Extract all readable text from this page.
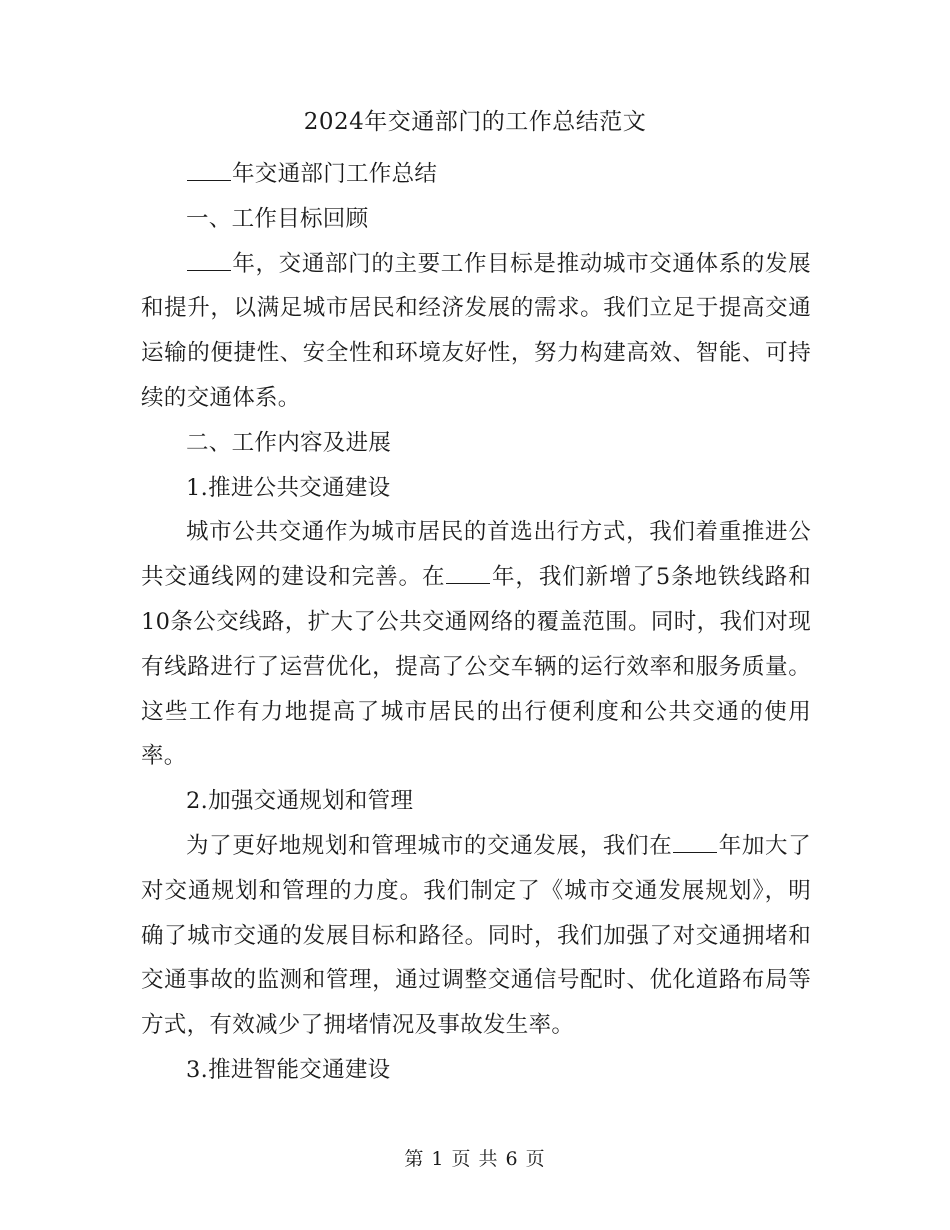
2024年交通部门的工作总结范文

年交通部门工作总结

一、工作目标回顾

年，交通部门的主要工作目标是推动城市交通体系的发展和提升，以满足城市居民和经济发展的需求。我们立足于提高交通运输的便捷性、安全性和环境友好性，努力构建高效、智能、可持续的交通体系。

二、工作内容及进展

1.推进公共交通建设

城市公共交通作为城市居民的首选出行方式，我们着重推进公共交通线网的建设和完善。在 年，我们新增了5条地铁线路和10条公交线路，扩大了公共交通网络的覆盖范围。同时，我们对现有线路进行了运营优化，提高了公交车辆的运行效率和服务质量。这些工作有力地提高了城市居民的出行便利度和公共交通的使用率。

2.加强交通规划和管理

为了更好地规划和管理城市的交通发展，我们在 年加大了对交通规划和管理的力度。我们制定了《城市交通发展规划》，明确了城市交通的发展目标和路径。同时，我们加强了对交通拥堵和交通事故的监测和管理，通过调整交通信号配时、优化道路布局等方式，有效减少了拥堵情况及事故发生率。

3.推进智能交通建设

第 1 页 共 6 页
